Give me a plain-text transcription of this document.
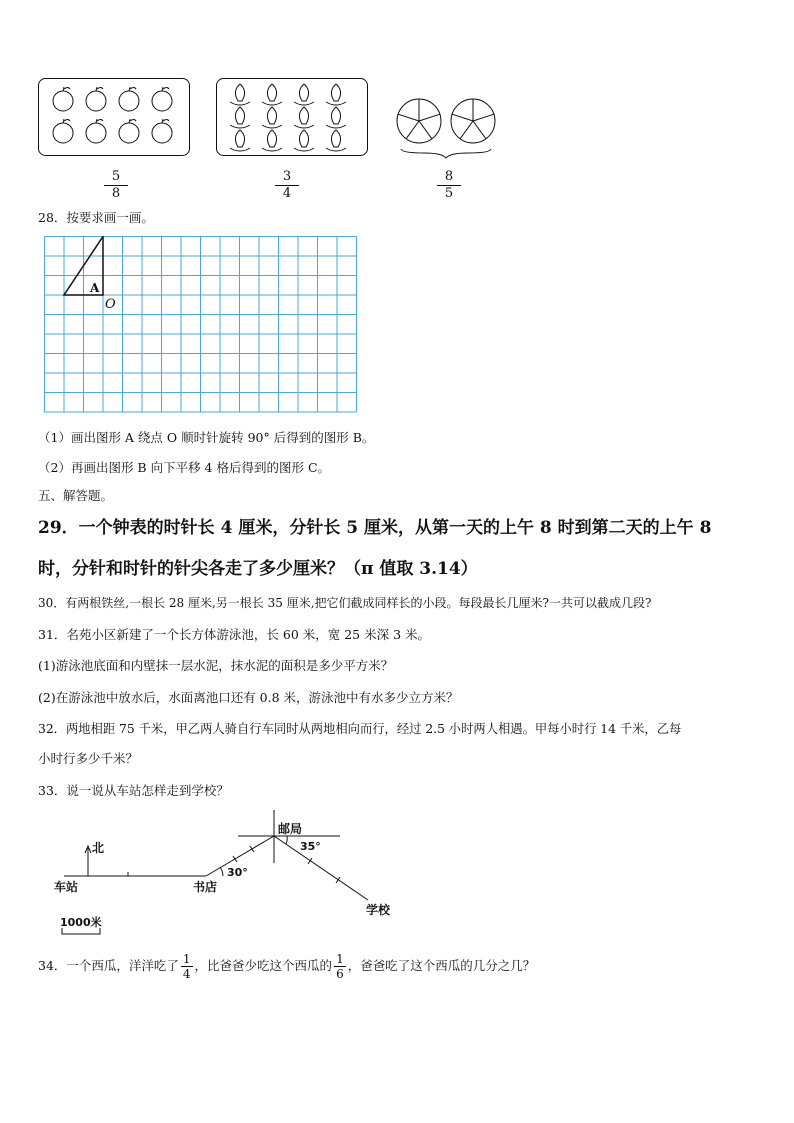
$\frac{5}{8}$	$\frac{3}{4}$	$\frac{8}{5}$
28．按要求画一画。
A
O
（1）画出图形 A 绕点 O 顺时针旋转 90° 后得到的图形 B。
（2）再画出图形 B 向下平移 4 格后得到的图形 C。
五、解答题。
29．一个钟表的时针长 4 厘米，分针长 5 厘米，从第一天的上午 8 时到第二天的上午 8
时，分针和时针的针尖各走了多少厘米？（π 值取 3.14）
30．有两根铁丝,一根长 28 厘米,另一根长 35 厘米,把它们截成同样长的小段。每段最长几厘米?一共可以截成几段?
31．名苑小区新建了一个长方体游泳池，长 60 米，宽 25 米深 3 米。
(1)游泳池底面和内壁抹一层水泥，抹水泥的面积是多少平方米？
(2)在游泳池中放水后，水面离池口还有 0.8 米，游泳池中有水多少立方米？
32．两地相距 75 千米，甲乙两人骑自行车同时从两地相向而行，经过 2.5 小时两人相遇。甲每小时行 14 千米，乙每
小时行多少千米？
33．说一说从车站怎样走到学校？
北
车站	书店
邮局
学校
30°
35°
1000米
34．一个西瓜，洋洋吃了 $\frac{1}{4}$ ，比爸爸少吃这个西瓜的 $\frac{1}{6}$ ，爸爸吃了这个西瓜的几分之几？
